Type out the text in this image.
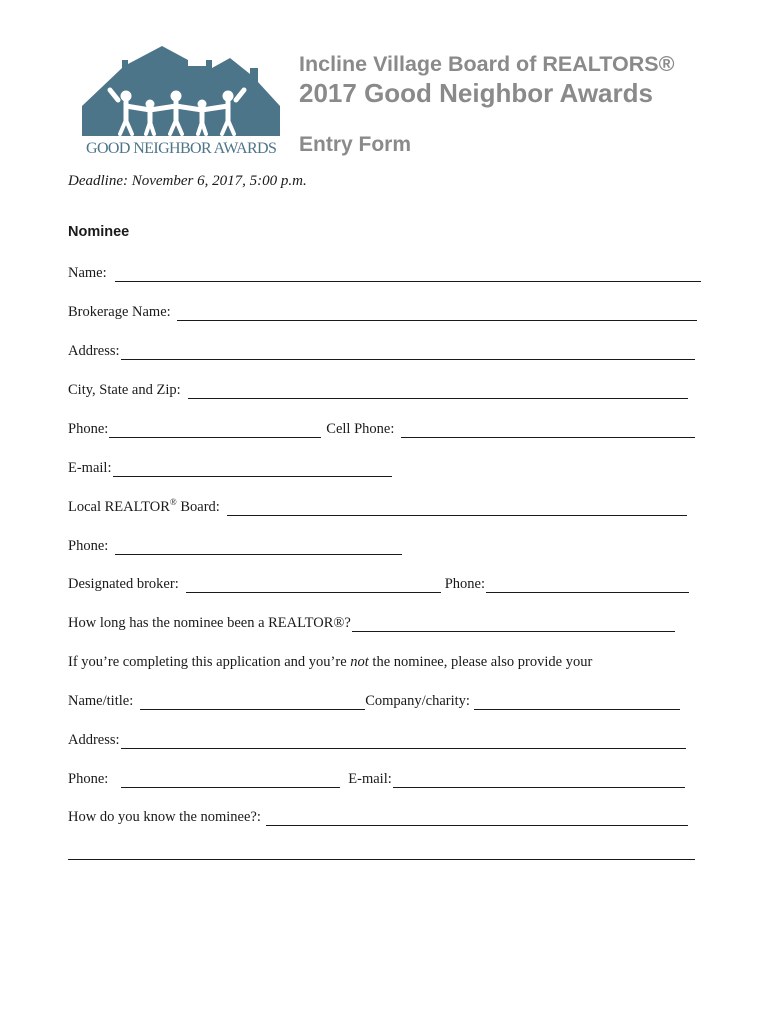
GOOD NEIGHBOR AWARDS
Incline Village Board of REALTORS®
2017 Good Neighbor Awards
Entry Form
Deadline: November 6, 2017, 5:00 p.m.
Nominee
Name:
Brokerage Name:
Address:
City, State and Zip:
Phone:	Cell Phone:
E-mail:
Local REALTOR® Board:
Phone:
Designated broker:	Phone:
How long has the nominee been a REALTOR®?
If you’re completing this application and you’re not the nominee, please also provide your
Name/title:	Company/charity:
Address:
Phone:	E-mail:
How do you know the nominee?:
